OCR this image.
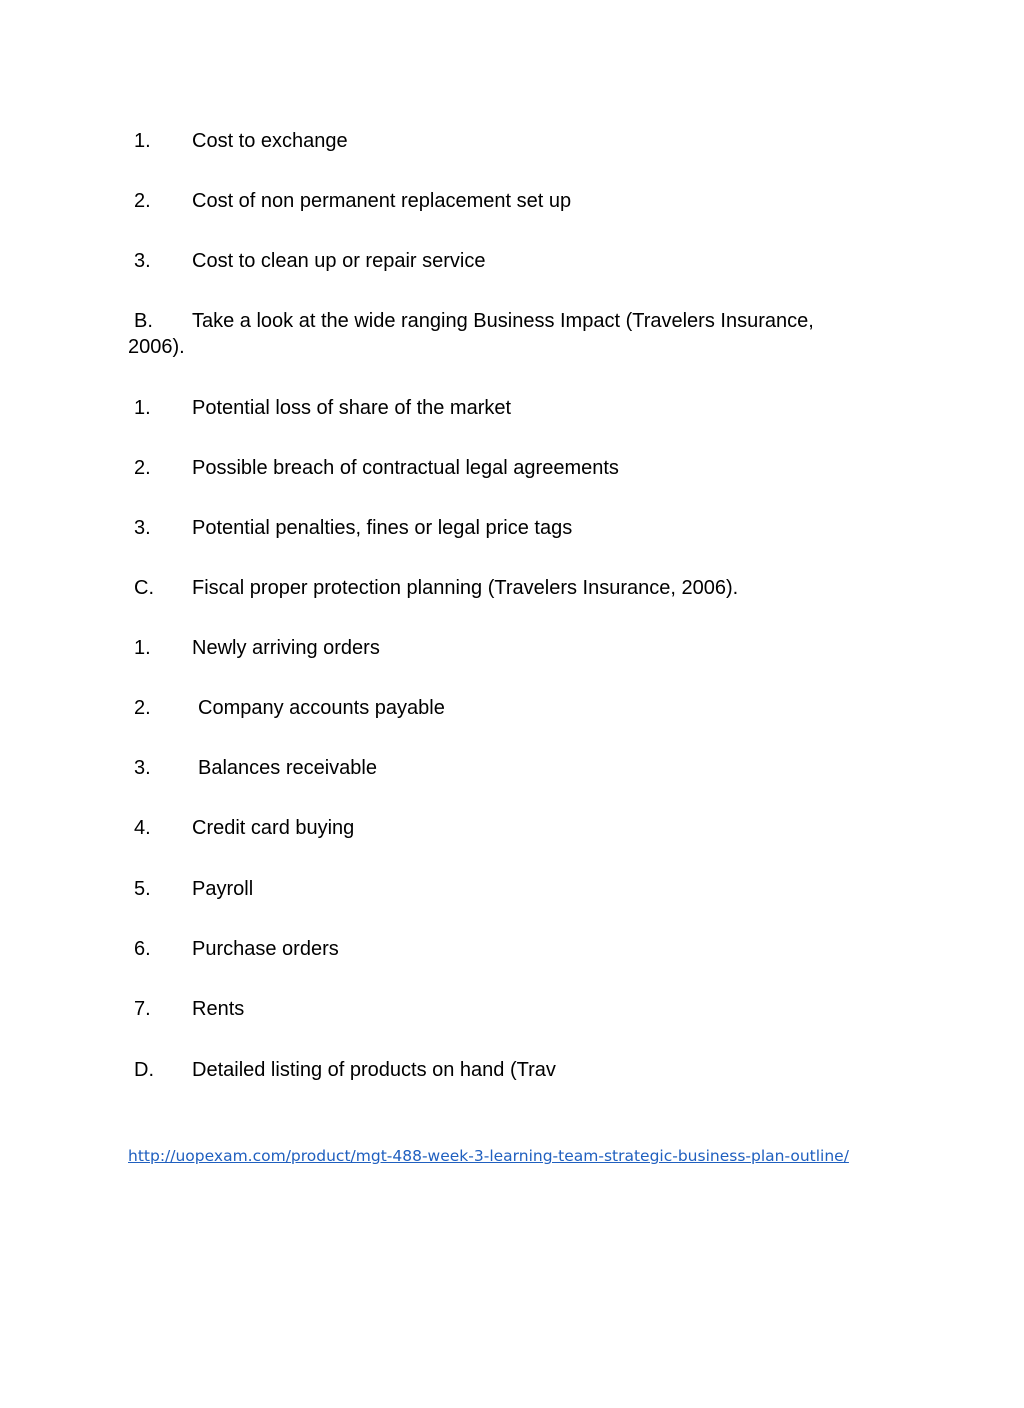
1. Cost to exchange
2. Cost of non permanent replacement set up
3. Cost to clean up or repair service
B. Take a look at the wide ranging Business Impact (Travelers Insurance,
2006).
1. Potential loss of share of the market
2. Possible breach of contractual legal agreements
3. Potential penalties, fines or legal price tags
C. Fiscal proper protection planning (Travelers Insurance, 2006).
1. Newly arriving orders
2. Company accounts payable
3. Balances receivable
4. Credit card buying
5. Payroll
6. Purchase orders
7. Rents
D. Detailed listing of products on hand (Trav
http://uopexam.com/product/mgt-488-week-3-learning-team-strategic-business-plan-outline/
